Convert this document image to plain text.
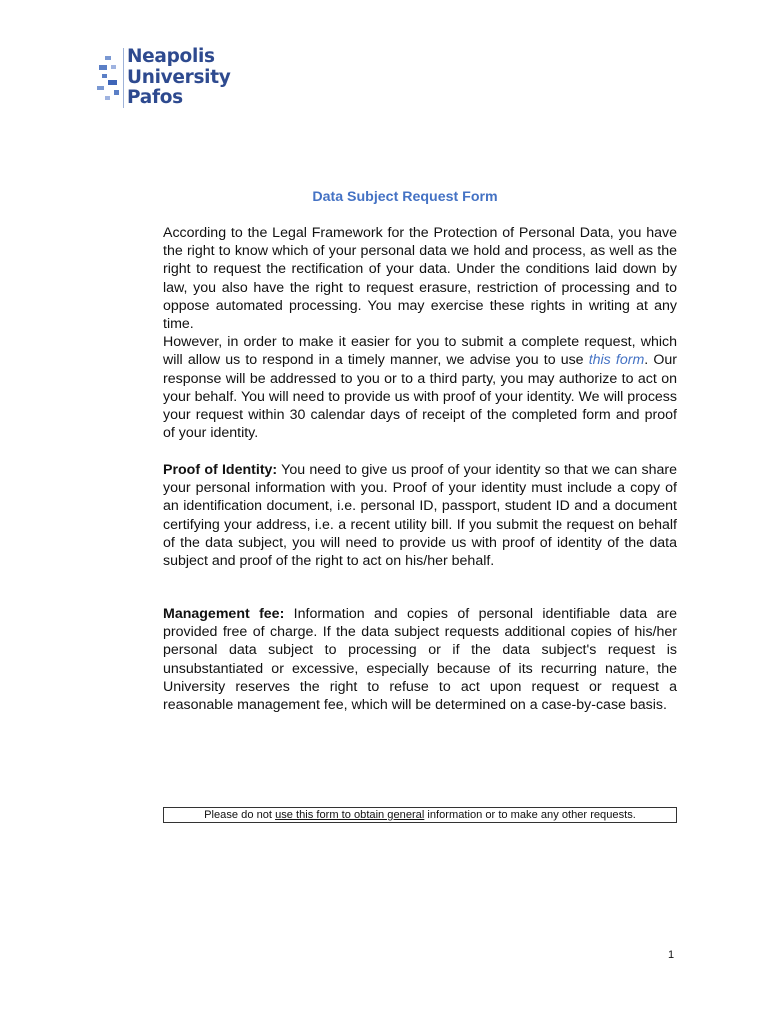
Neapolis
University
Pafos
Data Subject Request Form

According to the Legal Framework for the Protection of Personal Data, you have the right to know which of your personal data we hold and process, as well as the right to request the rectification of your data. Under the conditions laid down by law, you also have the right to request erasure, restriction of processing and to oppose automated processing. You may exercise these rights in writing at any time.

However, in order to make it easier for you to submit a complete request, which will allow us to respond in a timely manner, we advise you to use this form. Our response will be addressed to you or to a third party, you may authorize to act on your behalf. You will need to provide us with proof of your identity. We will process your request within 30 calendar days of receipt of the completed form and proof of your identity.

Proof of Identity: You need to give us proof of your identity so that we can share your personal information with you. Proof of your identity must include a copy of an identification document, i.e. personal ID, passport, student ID and a document certifying your address, i.e. a recent utility bill. If you submit the request on behalf of the data subject, you will need to provide us with proof of identity of the data subject and proof of the right to act on his/her behalf.

Management fee: Information and copies of personal identifiable data are provided free of charge. If the data subject requests additional copies of his/her personal data subject to processing or if the data subject's request is unsubstantiated or excessive, especially because of its recurring nature, the University reserves the right to refuse to act upon request or request a reasonable management fee, which will be determined on a case-by-case basis.

Please do not use this form to obtain general information or to make any other requests.
1
